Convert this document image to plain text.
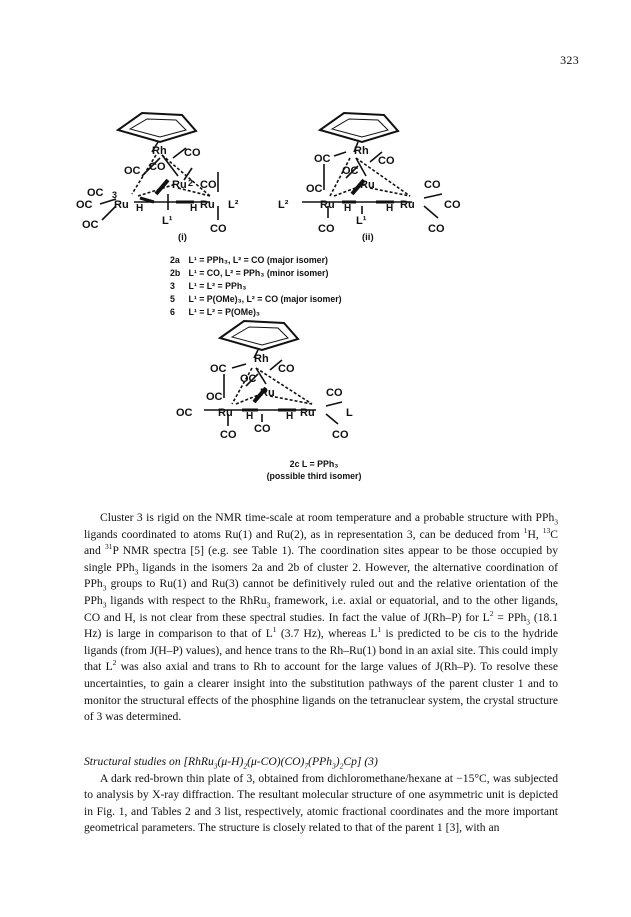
323
Rh CO
OC CO
Ru CO
2
OC
OC
3
Ru H	H Ru L²
OC	L¹
CO
Rh
OC
OC
CO
Ru
OC	CO
L²	Ru H	H Ru	CO
L¹
CO	CO
(i)	(ii)
2a L¹ = PPh₃, L² = CO (major isomer)
2b L¹ = CO, L² = PPh₃ (minor isomer)
3 L¹ = L² = PPh₃
5 L¹ = P(OMe)₃, L² = CO (major isomer)
6 L¹ = L² = P(OMe)₃
Rh
OC
OC
CO
Ru
OC	CO
OC Ru H	H Ru	L
CO CO	CO
2c L = PPh₃
(possible third isomer)

Cluster 3 is rigid on the NMR time-scale at room temperature and a probable structure with PPh$_3$ ligands coordinated to atoms Ru(1) and Ru(2), as in representation 3, can be deduced from $^1$H, $^{13}$C and $^{31}$P NMR spectra [5] (e.g. see Table 1). The coordination sites appear to be those occupied by single PPh$_3$ ligands in the isomers 2a and 2b of cluster 2. However, the alternative coordination of PPh$_3$ groups to Ru(1) and Ru(3) cannot be definitively ruled out and the relative orientation of the PPh$_3$ ligands with respect to the RhRu$_3$ framework, i.e. axial or equatorial, and to the other ligands, CO and H, is not clear from these spectral studies. In fact the value of J(Rh–P) for $L^2 = PPh_3$ (18.1 Hz) is large in comparison to that of $L^1$ (3.7 Hz), whereas $L^1$ is predicted to be cis to the hydride ligands (from J(H–P) values), and hence trans to the Rh–Ru(1) bond in an axial site. This could imply that $L^2$ was also axial and trans to Rh to account for the large values of J(Rh–P). To resolve these uncertainties, to gain a clearer insight into the substitution pathways of the parent cluster 1 and to monitor the structural effects of the phosphine ligands on the tetranuclear system, the crystal structure of 3 was determined.

Structural studies on $[RhRu_3(\mu-H)_2(\mu-CO)(CO)_7(PPh_3)_2Cp]$ (3)

A dark red-brown thin plate of 3, obtained from dichloromethane/hexane at −15°C, was subjected to analysis by X-ray diffraction. The resultant molecular structure of one asymmetric unit is depicted in Fig. 1, and Tables 2 and 3 list, respectively, atomic fractional coordinates and the more important geometrical parameters. The structure is closely related to that of the parent 1 [3], with an
